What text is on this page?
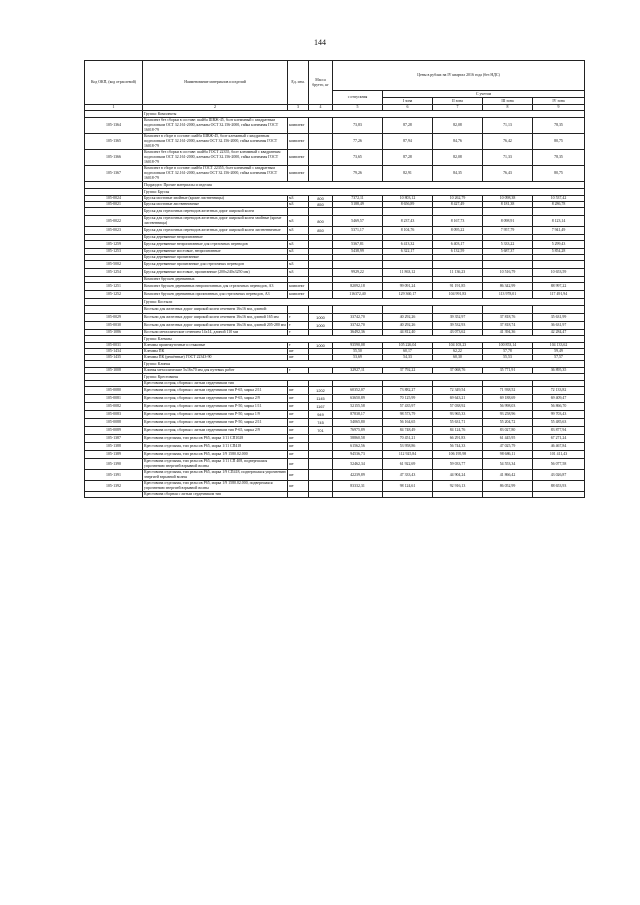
144
Код ОКП, (код отраслевой)	Наименование материалов и изделий	Ед. изм.	Масса брутто, кг	Цены в рублях на IV квартал 2016 года (без НДС)				
				с отпускная	С учетом			
					I зона	II зона	III зона	IV зона
1	2	3	4	5	6	7	8	9
	Группа: Комплекты							
105-1364	Комплект без сборки в составе: шайба ШВЖ-45, болт клеммный с квадратным подголовком ОСТ 32.161-2000, клеммы ОСТ 32.156-2000, гайка клеммная ГОСТ 16018-79	комплект		73,83	87,28	82,08	71,13	78,35
105-1365	Комплект в сборе в составе: шайба ШВЖ-45, болт клеммный с квадратным подголовком ОСТ 32.161-2000, клемма ОСТ 32.156-2000, гайка клеммная ГОСТ 16018-79	комплект		77,26	87,94	84,76	76,42	80,75
105-1366	Комплект без сборки в составе: шайба ГОСТ 22355, болт клеммный с квадратным подголовком ОСТ 32.161-2000, клеммы ОСТ 32.156-2000, гайка клеммная ГОСТ 16018-79	комплект		73,65	87,28	82,08	71,33	78,35
105-1367	Комплект в сборе в составе: шайба ГОСТ 22355, болт клеммный с квадратным подголовком ОСТ 32.161-2000, клемма ОСТ 32.156-2000, гайка клеммная ГОСТ 16018-79	комплект		79,26	82,91	84,35	76,43	80,75
	Подраздел: Прочие материалы и изделия							
	Группа: Брусья							
105-0024	Брусья мостовые хвойные (кроме лиственницы)	м3	800	7372,11	10 803,12	10 262,79	10 098,38	10 537,42
105-0021	Брусья мостовые лиственничные	м3	850	5188,49	8 656,89	8 427,49	8 181,38	8 286,78
	Брусья для стрелочных переводов железных дорог широкой колеи							
105-0022	Брусья для стрелочных переводов железных дорог широкой колеи хвойные (кроме лиственницы)	м3	800	5469,57	8 237,43	8 167,73	8 098,91	8 123,14
105-0023	Брусья для стрелочных переводов железных дорог широкой колеи лиственничные	м3	850	5371,17	8 104,76	8 095,22	7 957,79	7 941,49
	Брусья деревянные непропитанные							
105-1259	Брусья деревянные непропитанные для стрелочных переводов	м3		5367,81	6 413,32	6 403,17	5 333,22	5 299,43
105-1253	Брусья деревянные мостовые, непропитанные	м3		5438,99	6 322,17	6 132,59	5 687,37	5 854,28
	Брусья деревянные пропитанные							
105-5002	Брусья деревянные пропитанные для стрелочных переводов	м3						
105-1254	Брусья деревянные мостовые, пропитанные (200х240х3250 мм)	м3		9929,22	11 863,12	11 136,23	10 516,79	10 653,59
	Комплект брусьев деревянных							
105-1251	Комплект брусьев деревянных непропитанных для стрелочных переводов, А3	комплект		82092,18	99 091,24	91 191,85	86 342,99	88 997,22
105-1252	Комплект брусьев деревянных пропитанных для стрелочных переводов, А3	комплект		116372,40	129 360,17	104 991,83	113 978,01	117 491,94
	Группа: Костыли							
	Костыли для железных дорог широкой колеи сечением 16х16 мм, длиной:							
105-0029	Костыли для железных дорог широкой колеи сечением 16х16 мм, длиной 165 мм	т	1000	33742,70	40 292,26	39 352,97	37 818,76	35 631,99
105-0030	Костыли для железных дорог широкой колеи сечением 16х16 мм, длиной 205-280 мм	т	1000	33742,70	40 292,26	39 532,93	37 818,74	36 631,97
105-1086	Костыли металлические сечением 14х14, длиной 110 мм	т		36492,36	44 812,40	43 073,62	41 394,36	42 284,47
	Группа: Клеммы							
105-0031	Клеммы промежуточные и стыковые	т	1000	93590,08	105 226,04	104 103,23	100 853,14	104 133,62
105-1434	Клеммы ПК	шт		55,50	60,17	62,22	57,78	59,49
105-1435	Клеммы ПК (решённые) ГОСТ 22343-90	шт		53,69	54,33	60,30	55,53	57,57
	Группа: Клинья							
105-1008	Клинья металлические 5х16х70 мм для путевых работ	т		32927,11	37 792,22	37 068,76	35 771,91	36 895,35
	Группа: Крестовины							
	Крестовина острая, сборная с литым сердечником тип							
105-0080	Крестовина острая, сборная с литым сердечником тип Р-65, марка 2/11	шт	1202	60352,07	73 882,27	72 349,54	71 938,52	72 133,82
105-0081	Крестовина острая, сборная с литым сердечником тип Р-65, марка 2/9	шт	1145	63650,89	70 125,99	69 643,21	69 188,69	69 409,47
105-0082	Крестовина острая, сборная с литым сердечником тип Р-50, марка 1/11	шт	1167	52155,58	57 435,97	57 038,92	56 998,03	56 866,70
105-0083	Крестовина острая, сборная с литым сердечником тип Р-50, марка 1/9	шт	949	87838,17	98 573,79	93 965,33	93 258,96	99 703,43
105-0088	Крестовина острая, сборная с литым сердечником тип Р-50, марка 2/11	шт	745	54065,80	56 164,65	55 631,71	55 204,72	55 485,63
105-0089	Крестовина острая, сборная с литым сердечником тип Р-65, марка 2/9	шт	701	76975,89	84 748,49	84 124,76	83 027,80	83 877,94
105-1387	Крестовина отдельная, тип рельсов Р65, марка 1/11 СП1028	шт		58860,58	70 451,21	66 291,83	61 445,95	67 271,24
105-1388	Крестовина отдельная, тип рельсов Р65, марка 1/11 СП418	шт		61562,56	53 958,86	56 744,33	47 025,79	46 467,84
105-1389	Крестовина отдельная, тип рельсов Р65, марка 1/9 1580.02.000	шт		94536,73	112 925,84	106 195,98	98 686,11	101 411,43
105-1390	Крестовина отдельная, тип рельсов Р65, марка 1/11 СП 408, подвергшаяся упрочнению энергией взрывной волны	шт		52462,34	61 922,69	59 033,77	54 553,34	56 077,58
105-1391	Крестовина отдельная, тип рельсов Р65, марка 1/9 СП418, подвергшаяся упрочнению энергией взрывной волны	шт		42239,89	47 333,43	44 904,24	41 866,42	43 026,87
105-1392	Крестовина отдельная, тип рельсов Р65, марка 1/9 1580.02.000, подвергшаяся упрочнению энергией взрывной волны	шт		83332,31	98 124,61	92 916,13	86 052,99	88 653,93
	Крестовина сборная с литым сердечником тип							
